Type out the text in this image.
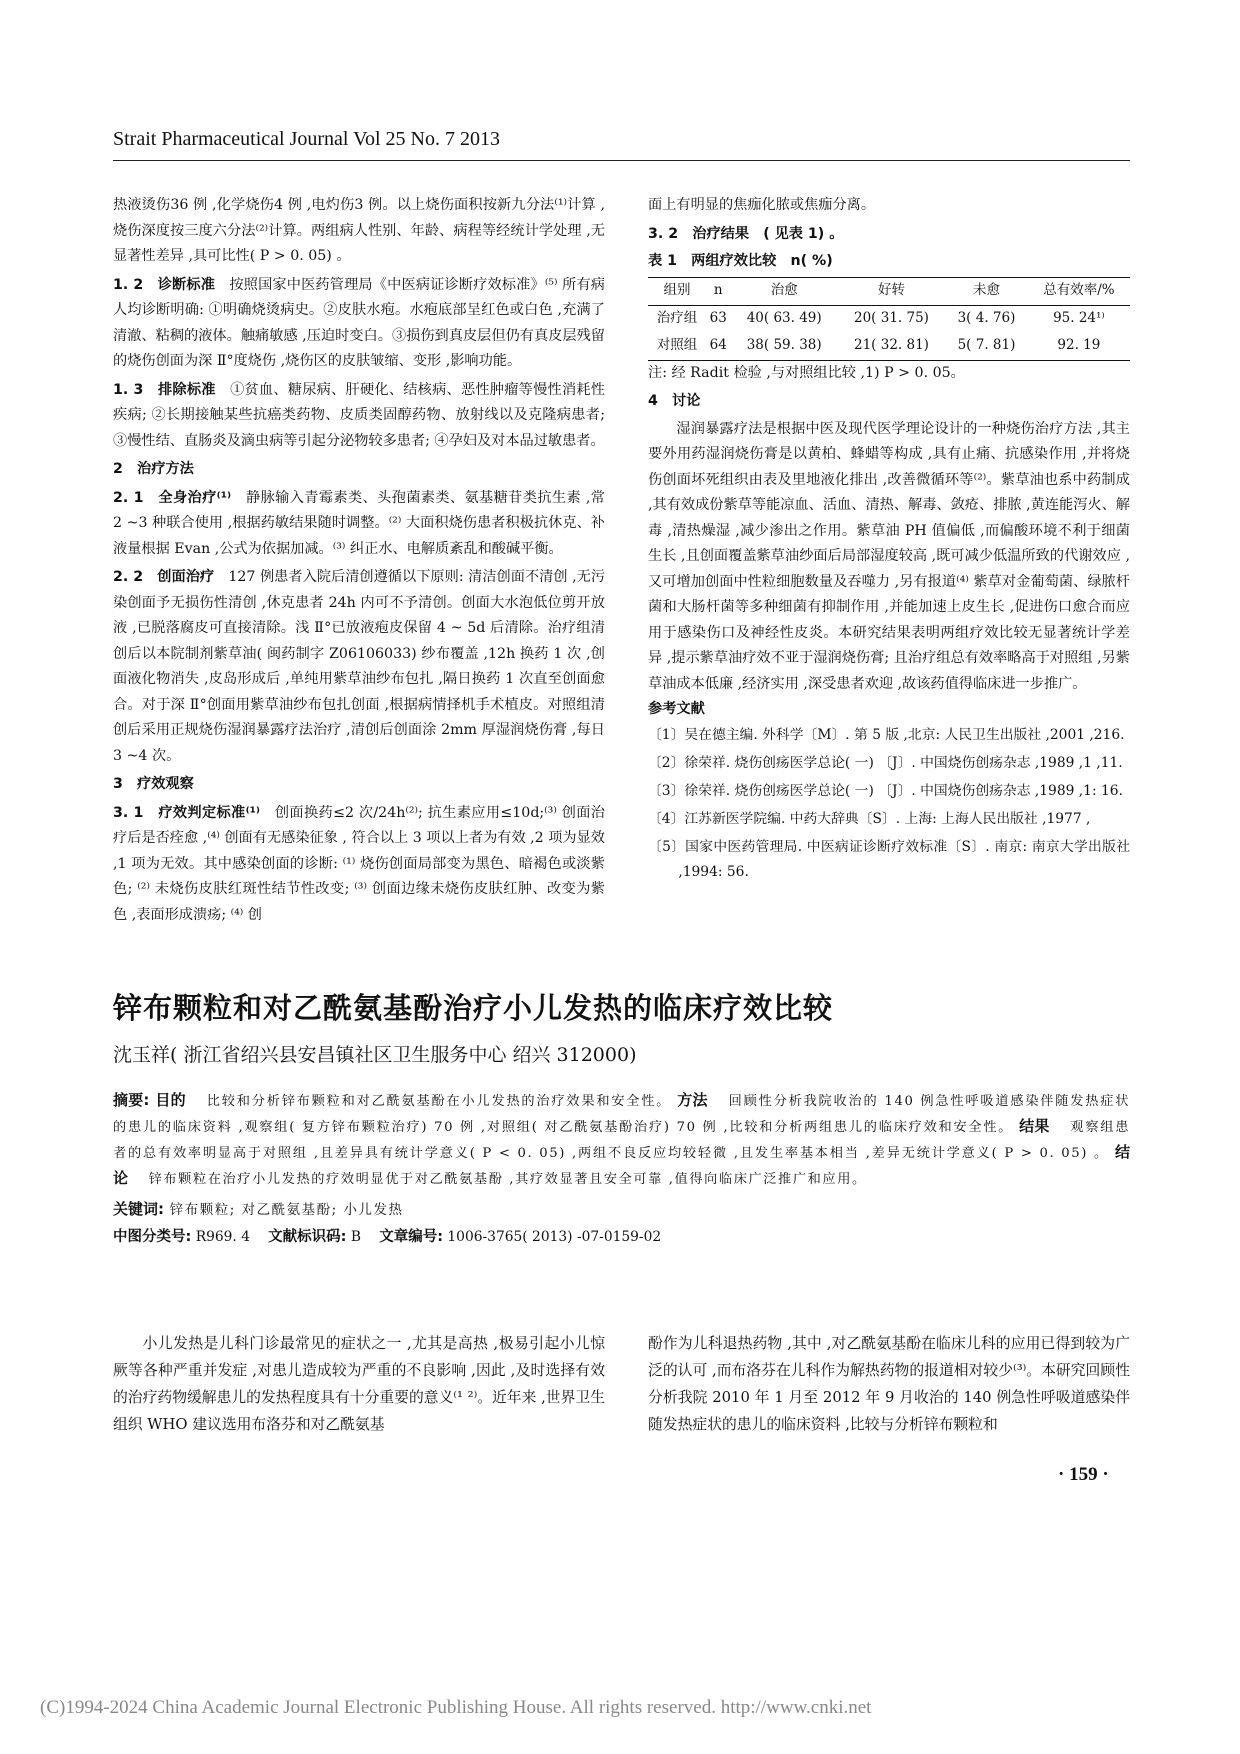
Strait Pharmaceutical Journal Vol 25 No. 7 2013

热液烫伤36 例 ,化学烧伤4 例 ,电灼伤3 例。以上烧伤面积按新九分法⁽¹⁾计算 ,烧伤深度按三度六分法⁽²⁾计算。两组病人性别、年龄、病程等经统计学处理 ,无显著性差异 ,具可比性( P > 0. 05) 。

1. 2　诊断标准　 按照国家中医药管理局《中医病证诊断疗效标准》⁽⁵⁾ 所有病人均诊断明确: ①明确烧烫病史。②皮肤水疱。水疱底部呈红色或白色 ,充满了清澈、粘稠的液体。触痛敏感 ,压迫时变白。③损伤到真皮层但仍有真皮层残留的烧伤创面为深 Ⅱ°度烧伤 ,烧伤区的皮肤皱缩、变形 ,影响功能。

1. 3　排除标准　 ①贫血、糖尿病、肝硬化、结核病、恶性肿瘤等慢性消耗性疾病; ②长期接触某些抗癌类药物、皮质类固醇药物、放射线以及克隆病患者; ③慢性结、直肠炎及滴虫病等引起分泌物较多患者; ④孕妇及对本品过敏患者。

2　治疗方法

2. 1　全身治疗⁽¹⁾　 静脉输入青霉素类、头孢菌素类、氨基糖苷类抗生素 ,常 2 ~3 种联合使用 ,根据药敏结果随时调整。⁽²⁾ 大面积烧伤患者积极抗休克、补液量根据 Evan ,公式为依据加减。⁽³⁾ 纠正水、电解质紊乱和酸碱平衡。

2. 2　创面治疗　 127 例患者入院后清创遵循以下原则: 清洁创面不清创 ,无污染创面予无损伤性清创 ,休克患者 24h 内可不予清创。创面大水泡低位剪开放液 ,已脱落腐皮可直接清除。浅 Ⅱ°已放液疱皮保留 4 ~ 5d 后清除。治疗组清创后以本院制剂紫草油( 闽药制字 Z06106033) 纱布覆盖 ,12h 换药 1 次 ,创面液化物消失 ,皮岛形成后 ,单纯用紫草油纱布包扎 ,隔日换药 1 次直至创面愈合。对于深 Ⅱ°创面用紫草油纱布包扎创面 ,根据病情择机手术植皮。对照组清创后采用正规烧伤湿润暴露疗法治疗 ,清创后创面涂 2mm 厚湿润烧伤膏 ,每日 3 ~4 次。

3　疗效观察

3. 1　疗效判定标准⁽¹⁾　 创面换药≤2 次/24h⁽²⁾; 抗生素应用≤10d;⁽³⁾ 创面治疗后是否痊愈 ,⁽⁴⁾ 创面有无感染征象 , 符合以上 3 项以上者为有效 ,2 项为显效 ,1 项为无效。其中感染创面的诊断: ⁽¹⁾ 烧伤创面局部变为黑色、暗褐色或淡紫色; ⁽²⁾ 未烧伤皮肤红斑性结节性改变; ⁽³⁾ 创面边缘未烧伤皮肤红肿、改变为紫色 ,表面形成溃疡; ⁽⁴⁾ 创

面上有明显的焦痂化脓或焦痂分离。

3. 2　治疗结果　( 见表 1) 。

表 1　两组疗效比较　n( %)

组别	n	治愈	好转	未愈	总有效率/%
治疗组	63	40( 63. 49)	20( 31. 75)	3( 4. 76)	95. 24¹⁾
对照组	64	38( 59. 38)	21( 32. 81)	5( 7. 81)	92. 19

注: 经 Radit 检验 ,与对照组比较 ,1) P > 0. 05。

4　讨论

湿润暴露疗法是根据中医及现代医学理论设计的一种烧伤治疗方法 ,其主要外用药湿润烧伤膏是以黄柏、蜂蜡等构成 ,具有止痛、抗感染作用 ,并将烧伤创面坏死组织由表及里地液化排出 ,改善微循环等⁽²⁾。紫草油也系中药制成 ,其有效成份紫草等能凉血、活血、清热、解毒、敛疮、排脓 ,黄连能泻火、解毒 ,清热燥湿 ,减少渗出之作用。紫草油 PH 值偏低 ,而偏酸环境不利于细菌生长 ,且创面覆盖紫草油纱面后局部湿度较高 ,既可减少低温所致的代谢效应 ,又可增加创面中性粒细胞数量及吞噬力 ,另有报道⁽⁴⁾ 紫草对金葡萄菌、绿脓杆菌和大肠杆菌等多种细菌有抑制作用 ,并能加速上皮生长 ,促进伤口愈合而应用于感染伤口及神经性皮炎。本研究结果表明两组疗效比较无显著统计学差异 ,提示紫草油疗效不亚于湿润烧伤膏; 且治疗组总有效率略高于对照组 ,另紫草油成本低廉 ,经济实用 ,深受患者欢迎 ,故该药值得临床进一步推广。

参考文献

〔1〕吴在德主编. 外科学〔M〕. 第 5 版 ,北京: 人民卫生出版社 ,2001 ,216.

〔2〕徐荣祥. 烧伤创疡医学总论( 一) 〔J〕. 中国烧伤创疡杂志 ,1989 ,1 ,11.

〔3〕徐荣祥. 烧伤创疡医学总论( 一) 〔J〕. 中国烧伤创疡杂志 ,1989 ,1: 16.

〔4〕江苏新医学院编. 中药大辞典〔S〕. 上海: 上海人民出版社 ,1977 ,

〔5〕国家中医药管理局. 中医病证诊断疗效标准〔S〕. 南京: 南京大学出版社 ,1994: 56.

锌布颗粒和对乙酰氨基酚治疗小儿发热的临床疗效比较
沈玉祥( 浙江省绍兴县安昌镇社区卫生服务中心 绍兴 312000)
摘要: 目的　 比较和分析锌布颗粒和对乙酰氨基酚在小儿发热的治疗效果和安全性。 方法　 回顾性分析我院收治的 140 例急性呼吸道感染伴随发热症状的患儿的临床资料 ,观察组( 复方锌布颗粒治疗) 70 例 ,对照组( 对乙酰氨基酚治疗) 70 例 ,比较和分析两组患儿的临床疗效和安全性。 结果　 观察组患者的总有效率明显高于对照组 ,且差异具有统计学意义( P < 0. 05) ,两组不良反应均较轻微 ,且发生率基本相当 ,差异无统计学意义( P > 0. 05) 。 结论　 锌布颗粒在治疗小儿发热的疗效明显优于对乙酰氨基酚 ,其疗效显著且安全可靠 ,值得向临床广泛推广和应用。
关键词: 锌布颗粒; 对乙酰氨基酚; 小儿发热
中图分类号: R969. 4　 文献标识码: B　 文章编号: 1006-3765( 2013) -07-0159-02

小儿发热是儿科门诊最常见的症状之一 ,尤其是高热 ,极易引起小儿惊厥等各种严重并发症 ,对患儿造成较为严重的不良影响 ,因此 ,及时选择有效的治疗药物缓解患儿的发热程度具有十分重要的意义⁽¹ ²⁾。近年来 ,世界卫生组织 WHO 建议选用布洛芬和对乙酰氨基

酚作为儿科退热药物 ,其中 ,对乙酰氨基酚在临床儿科的应用已得到较为广泛的认可 ,而布洛芬在儿科作为解热药物的报道相对较少⁽³⁾。本研究回顾性分析我院 2010 年 1 月至 2012 年 9 月收治的 140 例急性呼吸道感染伴随发热症状的患儿的临床资料 ,比较与分析锌布颗粒和

· 159 ·
(C)1994-2024 China Academic Journal Electronic Publishing House. All rights reserved. http://www.cnki.net
